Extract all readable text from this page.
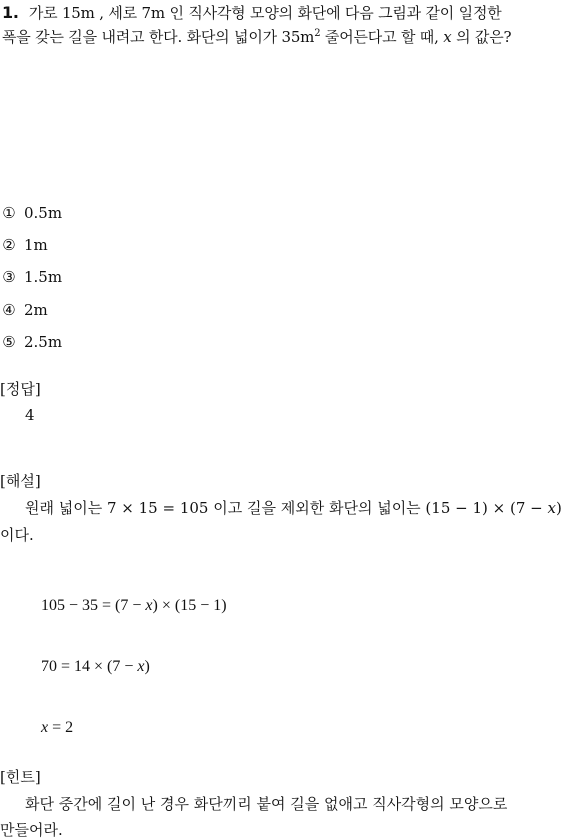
1. 가로 15m , 세로 7m 인 직사각형 모양의 화단에 다음 그림과 같이 일정한
폭을 갖는 길을 내려고 한다. 화단의 넓이가 $35m^2$ 줄어든다고 할 때, x 의 값은?
① 0.5m
② 1m
③ 1.5m
④ 2m
⑤ 2.5m
[정답]
4
[해설]
원래 넓이는 7 × 15 = 105 이고 길을 제외한 화단의 넓이는 (15 − 1) × (7 − x)
이다.
105 − 35 = (7 − x) × (15 − 1)
70 = 14 × (7 − x)
x = 2
[힌트]
화단 중간에 길이 난 경우 화단끼리 붙여 길을 없애고 직사각형의 모양으로
만들어라.
